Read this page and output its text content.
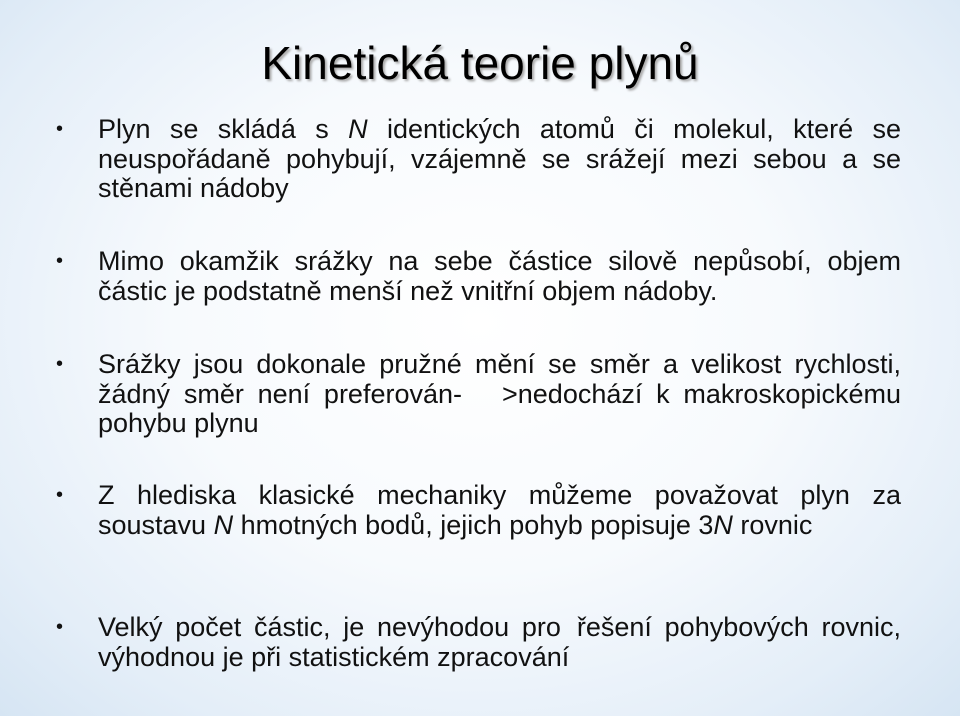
Kinetická teorie plynů
• Plyn se skládá s N identických atomů či molekul, které se neuspořádaně pohybují, vzájemně se srážejí mezi sebou a se stěnami nádoby
• Mimo okamžik srážky na sebe částice silově nepůsobí, objem částic je podstatně menší než vnitřní objem nádoby.
• Srážky jsou dokonale pružné mění se směr a velikost rychlosti, žádný směr není preferován- >nedochází k makroskopickému pohybu plynu
• Z hlediska klasické mechaniky můžeme považovat plyn za soustavu N hmotných bodů, jejich pohyb popisuje 3N rovnic
• Velký počet částic, je nevýhodou pro řešení pohybových rovnic, výhodnou je při statistickém zpracování
